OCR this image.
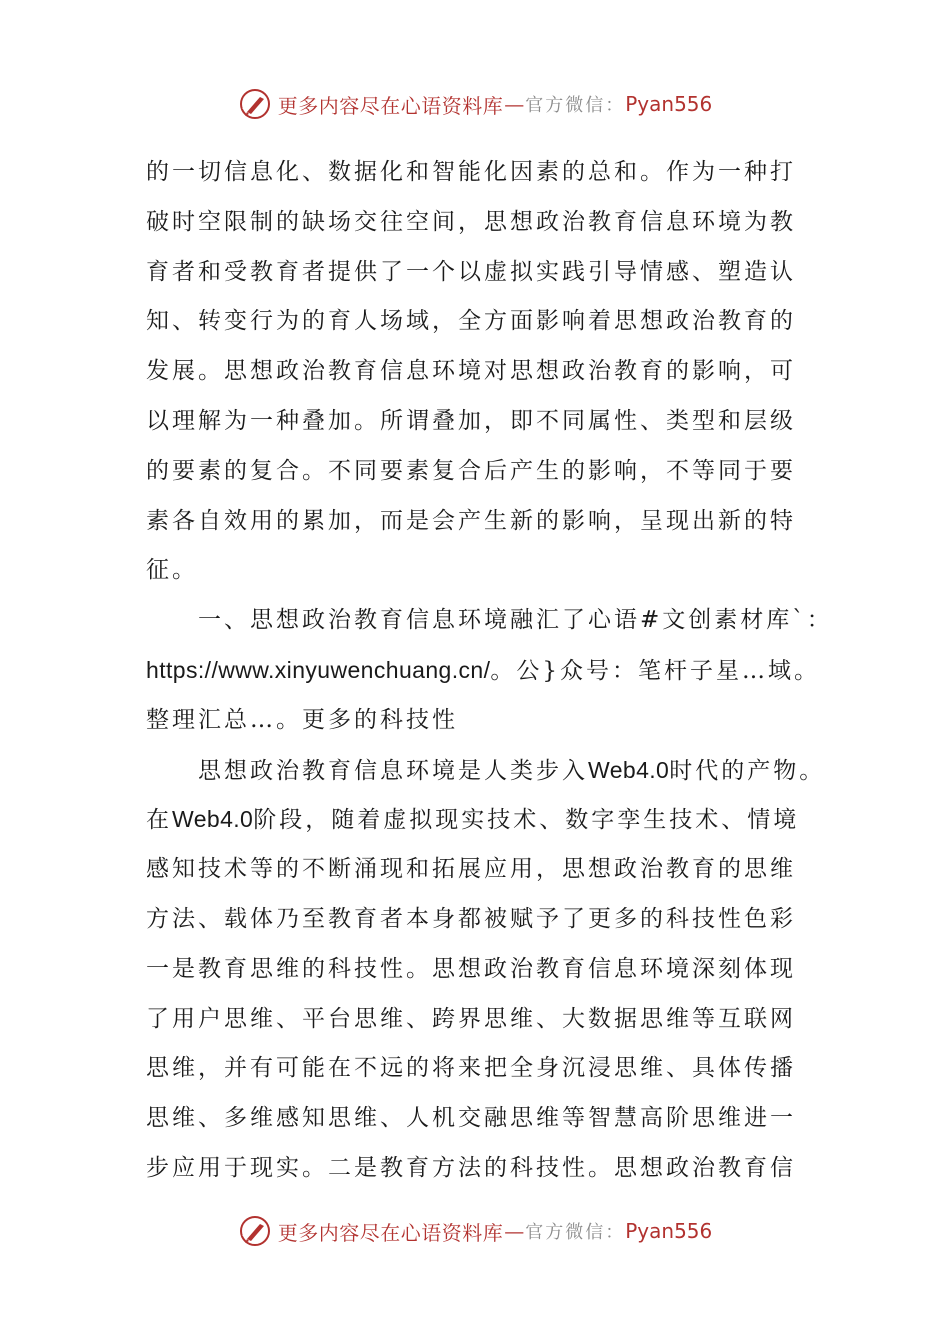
更多内容尽在心语资料库 — 官方微信： Pyan556
的一切信息化、数据化和智能化因素的总和。作为一种打
破时空限制的缺场交往空间，思想政治教育信息环境为教
育者和受教育者提供了一个以虚拟实践引导情感、塑造认
知、转变行为的育人场域，全方面影响着思想政治教育的
发展。思想政治教育信息环境对思想政治教育的影响，可
以理解为一种叠加。所谓叠加，即不同属性、类型和层级
的要素的复合。不同要素复合后产生的影响，不等同于要
素各自效用的累加，而是会产生新的影响，呈现出新的特
征。
一、思想政治教育信息环境融汇了心语#文创素材库`：
https://www.xinyuwenchuang.cn/。公}众号：笔杆子星…域。
整理汇总…。更多的科技性
思想政治教育信息环境是人类步入Web4.0时代的产物。
在Web4.0阶段，随着虚拟现实技术、数字孪生技术、情境
感知技术等的不断涌现和拓展应用，思想政治教育的思维
方法、载体乃至教育者本身都被赋予了更多的科技性色彩
一是教育思维的科技性。思想政治教育信息环境深刻体现
了用户思维、平台思维、跨界思维、大数据思维等互联网
思维，并有可能在不远的将来把全身沉浸思维、具体传播
思维、多维感知思维、人机交融思维等智慧高阶思维进一
步应用于现实。二是教育方法的科技性。思想政治教育信
更多内容尽在心语资料库 — 官方微信： Pyan556
